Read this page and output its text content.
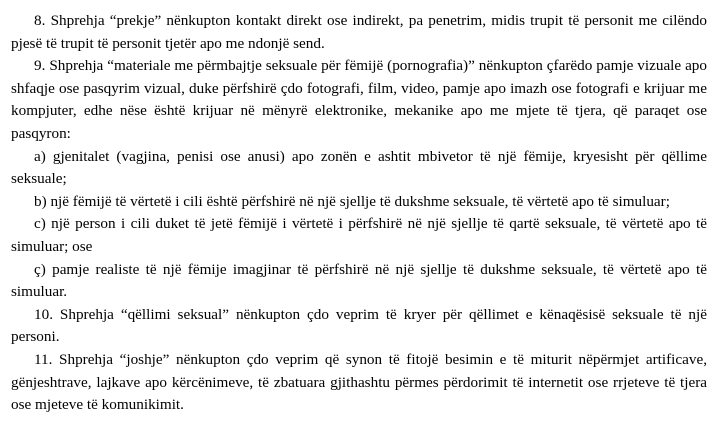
8. Shprehja “prekje” nënkupton kontakt direkt ose indirekt, pa penetrim, midis trupit të personit me cilëndo pjesë të trupit të personit tjetër apo me ndonjë send.

9. Shprehja “materiale me përmbajtje seksuale për fëmijë (pornografia)” nënkupton çfarëdo pamje vizuale apo shfaqje ose pasqyrim vizual, duke përfshirë çdo fotografi, film, video, pamje apo imazh ose fotografi e krijuar me kompjuter, edhe nëse është krijuar në mënyrë elektronike, mekanike apo me mjete të tjera, që paraqet ose pasqyron:

a) gjenitalet (vagjina, penisi ose anusi) apo zonën e ashtit mbivetor të një fëmije, kryesisht për qëllime seksuale;

b) një fëmijë të vërtetë i cili është përfshirë në një sjellje të dukshme seksuale, të vërtetë apo të simuluar;

c) një person i cili duket të jetë fëmijë i vërtetë i përfshirë në një sjellje të qartë seksuale, të vërtetë apo të simuluar; ose

ç) pamje realiste të një fëmije imagjinar të përfshirë në një sjellje të dukshme seksuale, të vërtetë apo të simuluar.

10. Shprehja “qëllimi seksual” nënkupton çdo veprim të kryer për qëllimet e kënaqësisë seksuale të një personi.

11. Shprehja “joshje” nënkupton çdo veprim që synon të fitojë besimin e të miturit nëpërmjet artificave, gënjeshtrave, lajkave apo kërcënimeve, të zbatuara gjithashtu përmes përdorimit të internetit ose rrjeteve të tjera ose mjeteve të komunikimit.
